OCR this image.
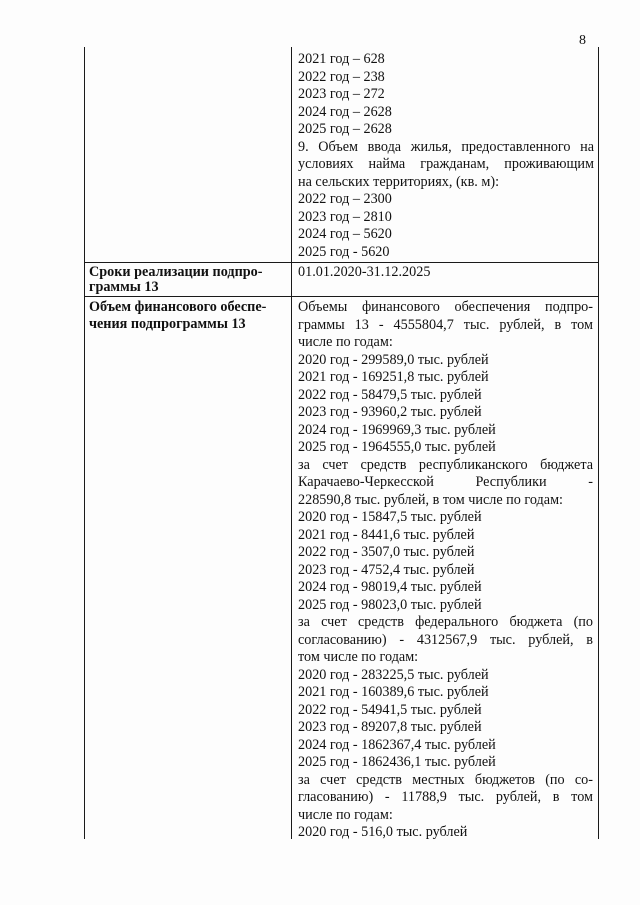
8
2021 год – 628
2022 год – 238
2023 год – 272
2024 год – 2628
2025 год – 2628
9. Объем ввода жилья, предоставленного на
условиях найма гражданам, проживающим
на сельских территориях, (кв. м):
2022 год – 2300
2023 год – 2810
2024 год – 5620
2025 год - 5620
Сроки реализации подпро-
граммы 13
01.01.2020-31.12.2025
Объем финансового обеспе-
чения подпрограммы 13
Объемы финансового обеспечения подпро-
граммы 13 - 4555804,7 тыс. рублей, в том
числе по годам:
2020 год - 299589,0 тыс. рублей
2021 год - 169251,8 тыс. рублей
2022 год - 58479,5 тыс. рублей
2023 год - 93960,2 тыс. рублей
2024 год - 1969969,3 тыс. рублей
2025 год - 1964555,0 тыс. рублей
за счет средств республиканского бюджета
Карачаево-Черкесской Республики -
228590,8 тыс. рублей, в том числе по годам:
2020 год - 15847,5 тыс. рублей
2021 год - 8441,6 тыс. рублей
2022 год - 3507,0 тыс. рублей
2023 год - 4752,4 тыс. рублей
2024 год - 98019,4 тыс. рублей
2025 год - 98023,0 тыс. рублей
за счет средств федерального бюджета (по
согласованию) - 4312567,9 тыс. рублей, в
том числе по годам:
2020 год - 283225,5 тыс. рублей
2021 год - 160389,6 тыс. рублей
2022 год - 54941,5 тыс. рублей
2023 год - 89207,8 тыс. рублей
2024 год - 1862367,4 тыс. рублей
2025 год - 1862436,1 тыс. рублей
за счет средств местных бюджетов (по со-
гласованию) - 11788,9 тыс. рублей, в том
числе по годам:
2020 год - 516,0 тыс. рублей
